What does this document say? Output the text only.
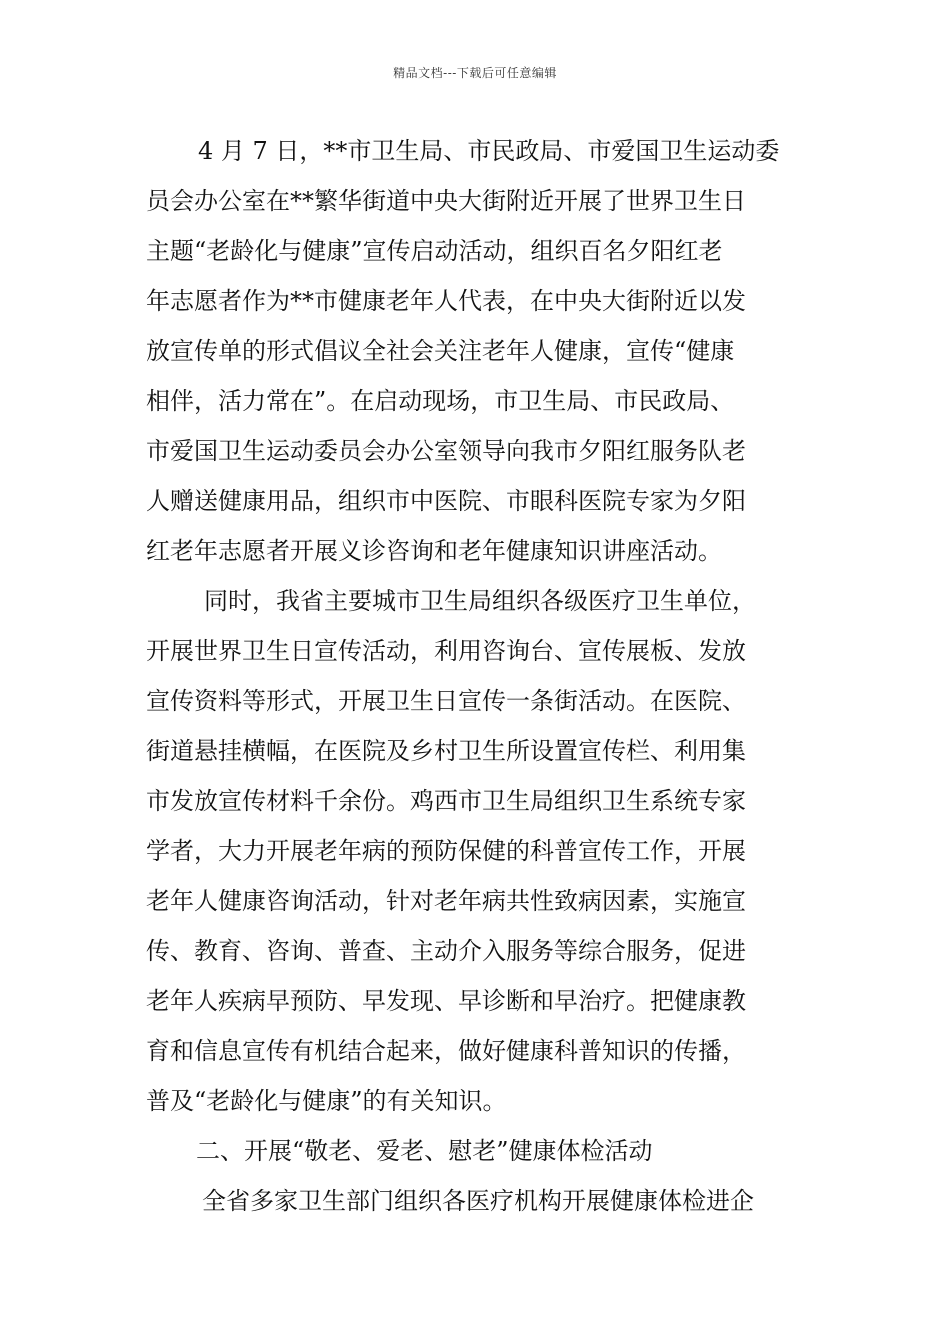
精品文档---下载后可任意编辑
4 月 7 日，**市卫生局、市民政局、市爱国卫生运动委
员会办公室在**繁华街道中央大街附近开展了世界卫生日
主题“老龄化与健康”宣传启动活动，组织百名夕阳红老
年志愿者作为**市健康老年人代表，在中央大街附近以发
放宣传单的形式倡议全社会关注老年人健康，宣传“健康
相伴，活力常在”。在启动现场，市卫生局、市民政局、
市爱国卫生运动委员会办公室领导向我市夕阳红服务队老
人赠送健康用品，组织市中医院、市眼科医院专家为夕阳
红老年志愿者开展义诊咨询和老年健康知识讲座活动。
同时，我省主要城市卫生局组织各级医疗卫生单位，
开展世界卫生日宣传活动，利用咨询台、宣传展板、发放
宣传资料等形式，开展卫生日宣传一条街活动。在医院、
街道悬挂横幅，在医院及乡村卫生所设置宣传栏、利用集
市发放宣传材料千余份。鸡西市卫生局组织卫生系统专家
学者，大力开展老年病的预防保健的科普宣传工作，开展
老年人健康咨询活动，针对老年病共性致病因素，实施宣
传、教育、咨询、普查、主动介入服务等综合服务，促进
老年人疾病早预防、早发现、早诊断和早治疗。把健康教
育和信息宣传有机结合起来，做好健康科普知识的传播，
普及“老龄化与健康”的有关知识。
二、开展“敬老、爱老、慰老”健康体检活动
全省多家卫生部门组织各医疗机构开展健康体检进企
